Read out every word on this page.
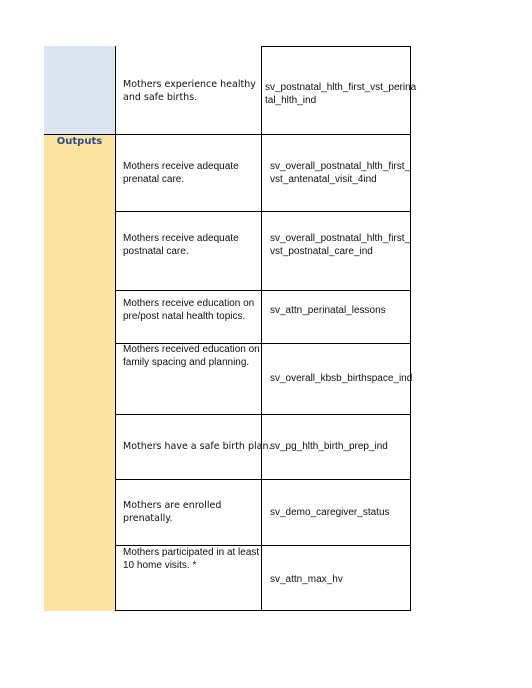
Outputs
Mothers experience healthy
and safe births.
sv_postnatal_hlth_first_vst_perina
tal_hlth_ind
Mothers receive adequate
prenatal care.
sv_overall_postnatal_hlth_first_
vst_antenatal_visit_4ind
Mothers receive adequate
postnatal care.
sv_overall_postnatal_hlth_first_
vst_postnatal_care_ind
Mothers receive education on
pre/post natal health topics.
sv_attn_perinatal_lessons
Mothers received education on
family spacing and planning.
sv_overall_kbsb_birthspace_ind
Mothers have a safe birth plan.
sv_pg_hlth_birth_prep_ind
Mothers are enrolled
prenatally.
sv_demo_caregiver_status
Mothers participated in at least
10 home visits. *
sv_attn_max_hv
